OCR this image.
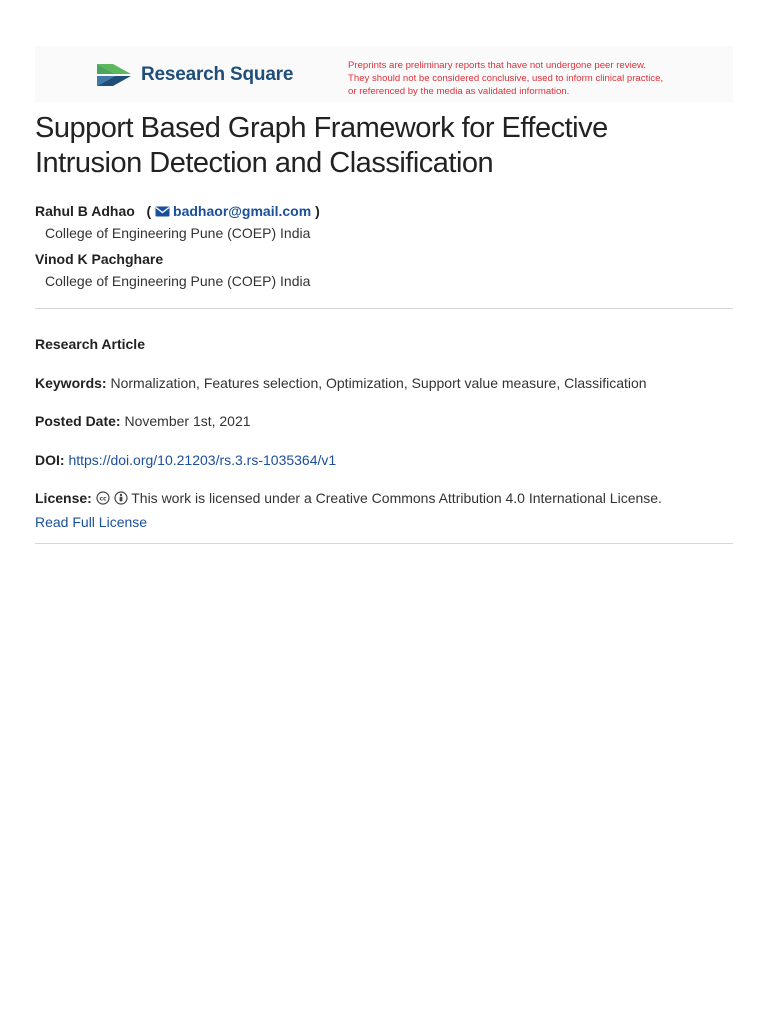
Research Square	Preprints are preliminary reports that have not undergone peer review.
They should not be considered conclusive, used to inform clinical practice,
or referenced by the media as validated information.
Support Based Graph Framework for Effective
Intrusion Detection and Classification
Rahul B Adhao ( badhaor@gmail.com )
College of Engineering Pune (COEP) India
Vinod K Pachghare
College of Engineering Pune (COEP) India
Research Article
Keywords: Normalization, Features selection, Optimization, Support value measure, Classification
Posted Date: November 1st, 2021
DOI: https://doi.org/10.21203/rs.3.rs-1035364/v1
License: cc This work is licensed under a Creative Commons Attribution 4.0 International License.
Read Full License
